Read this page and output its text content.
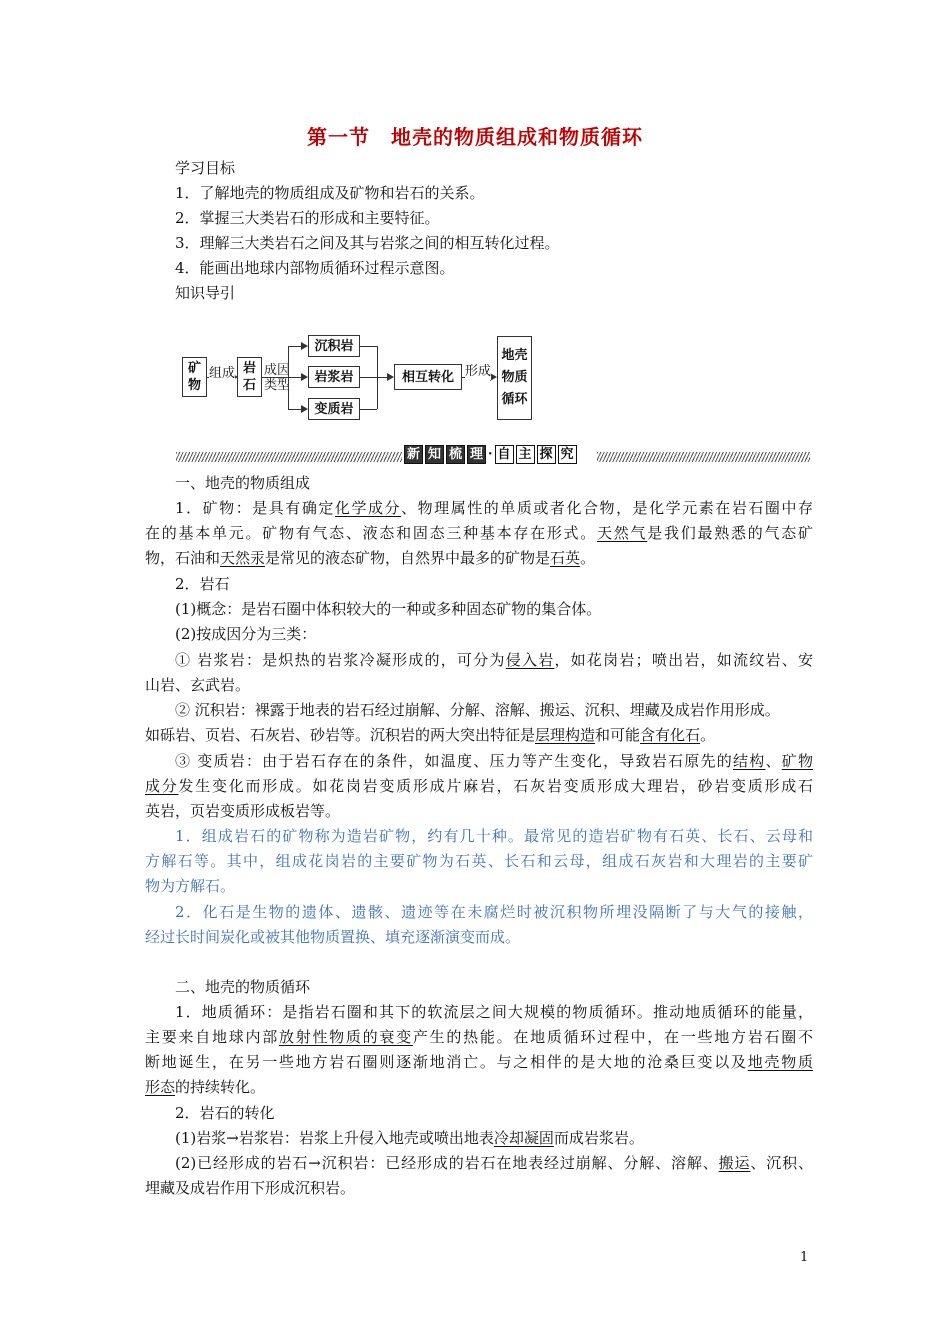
第一节　地壳的物质组成和物质循环
学习目标
1．了解地壳的物质组成及矿物和岩石的关系。
2．掌握三大类岩石的形成和主要特征。
3．理解三大类岩石之间及其与岩浆之间的相互转化过程。
4．能画出地球内部物质循环过程示意图。
知识导引
矿物
组成 岩石
成因类型
沉积岩
岩浆岩
变质岩
相互转化 形成
地壳物质循环
新 知 梳 理 · 自 主 探 究
一、地壳的物质组成
1．矿物：是具有确定化学成分、物理属性的单质或者化合物，是化学元素在岩石圈中存
在的基本单元。矿物有气态、液态和固态三种基本存在形式。天然气是我们最熟悉的气态矿
物，石油和天然汞是常见的液态矿物，自然界中最多的矿物是石英。
2．岩石
(1)概念：是岩石圈中体积较大的一种或多种固态矿物的集合体。
(2)按成因分为三类：
① 岩浆岩：是炽热的岩浆冷凝形成的，可分为侵入岩，如花岗岩；喷出岩，如流纹岩、安
山岩、玄武岩。
② 沉积岩：裸露于地表的岩石经过崩解、分解、溶解、搬运、沉积、埋藏及成岩作用形成。
如砾岩、页岩、石灰岩、砂岩等。沉积岩的两大突出特征是层理构造和可能含有化石。
③ 变质岩：由于岩石存在的条件，如温度、压力等产生变化，导致岩石原先的结构、矿物
成分发生变化而形成。如花岗岩变质形成片麻岩，石灰岩变质形成大理岩，砂岩变质形成石
英岩，页岩变质形成板岩等。
1．组成岩石的矿物称为造岩矿物，约有几十种。最常见的造岩矿物有石英、长石、云母和
方解石等。其中，组成花岗岩的主要矿物为石英、长石和云母，组成石灰岩和大理岩的主要矿
物为方解石。
2．化石是生物的遗体、遗骸、遗迹等在未腐烂时被沉积物所埋没隔断了与大气的接触，
经过长时间炭化或被其他物质置换、填充逐渐演变而成。
二、地壳的物质循环
1．地质循环：是指岩石圈和其下的软流层之间大规模的物质循环。推动地质循环的能量，
主要来自地球内部放射性物质的衰变产生的热能。在地质循环过程中，在一些地方岩石圈不
断地诞生，在另一些地方岩石圈则逐渐地消亡。与之相伴的是大地的沧桑巨变以及地壳物质
形态的持续转化。
2．岩石的转化
(1)岩浆→岩浆岩：岩浆上升侵入地壳或喷出地表冷却凝固而成岩浆岩。
(2)已经形成的岩石→沉积岩：已经形成的岩石在地表经过崩解、分解、溶解、搬运、沉积、
埋藏及成岩作用下形成沉积岩。
1
